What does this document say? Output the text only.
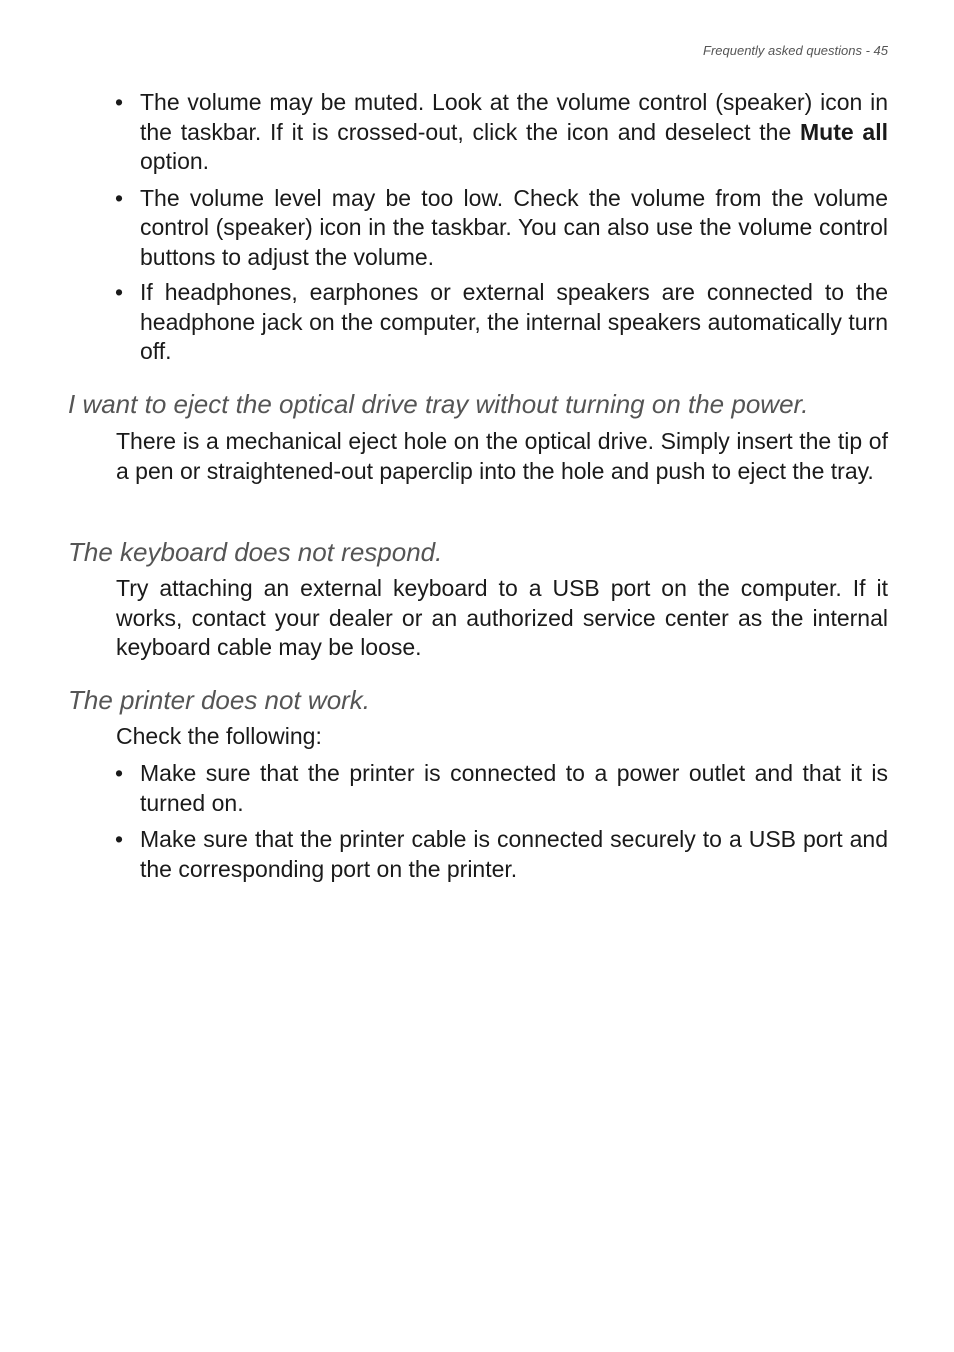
Frequently asked questions - 45
• The volume may be muted. Look at the volume control (speaker) icon in the taskbar. If it is crossed-out, click the icon and deselect the Mute all option.
• The volume level may be too low. Check the volume from the volume control (speaker) icon in the taskbar. You can also use the volume control buttons to adjust the volume.
• If headphones, earphones or external speakers are connected to the headphone jack on the computer, the internal speakers automatically turn off.
I want to eject the optical drive tray without turning on the power.

There is a mechanical eject hole on the optical drive. Simply insert the tip of a pen or straightened-out paperclip into the hole and push to eject the tray.

The keyboard does not respond.

Try attaching an external keyboard to a USB port on the computer. If it works, contact your dealer or an authorized service center as the internal keyboard cable may be loose.

The printer does not work.

Check the following:

• Make sure that the printer is connected to a power outlet and that it is turned on.
• Make sure that the printer cable is connected securely to a USB port and the corresponding port on the printer.
